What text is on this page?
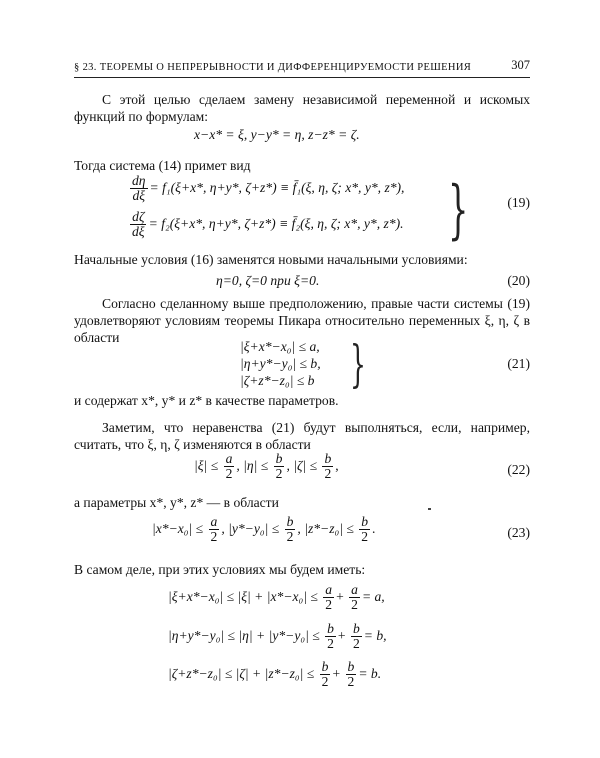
§ 23. ТЕОРЕМЫ О НЕПРЕРЫВНОСТИ И ДИФФЕРЕНЦИРУЕМОСТИ РЕШЕНИЯ	307
С этой целью сделаем замену независимой переменной и искомых функций по формулам:
x−x* = ξ, y−y* = η, z−z* = ζ.
Тогда система (14) примет вид
$\frac{d\eta}{d\xi} = f_1(\xi+x*$, η+y*, ζ+z*) ≡ f̄₁(ξ, η, ζ; x*, y*, z*),
$\frac{d\zeta}{d\xi} = f_2(\xi+x*$, η+y*, ζ+z*) ≡ f̄₂(ξ, η, ζ; x*, y*, z*). }	(19)
Начальные условия (16) заменятся новыми начальными условиями:
η=0, ζ=0 при ξ=0.	(20)
Согласно сделанному выше предположению, правые части системы (19) удовлетворяют условиям теоремы Пикара относительно переменных ξ, η, ζ в области
|ξ+x*−x₀| ≤ a,
|η+y*−y₀| ≤ b,
|ζ+z*−z₀| ≤ b }	(21)
и содержат x*, y* и z* в качестве параметров.
Заметим, что неравенства (21) будут выполняться, если, например, считать, что ξ, η, ζ изменяются в области
$|\xi| \le \frac{a}{2}$ , $|\eta| \le \frac{b}{2}$ , $|\zeta| \le \frac{b}{2}$ ,	(22)
а параметры x*, y*, z* — в области
$|x*-x_0| \le \frac{a}{2}$ , $|y*-y_0| \le \frac{b}{2}$ , $|z*-z_0| \le \frac{b}{2}$ .	(23)
В самом деле, при этих условиях мы будем иметь:
$|\xi+x*-x_0| \le |\xi| + |x*-x_0| \le \frac{a}{2} + \frac{a}{2} = a$,
$|\eta+y*-y_0| \le |\eta| + |y*-y_0| \le \frac{b}{2} + \frac{b}{2} = b$,
$|\zeta+z*-z_0| \le |\zeta| + |z*-z_0| \le \frac{b}{2} + \frac{b}{2} = b$.
